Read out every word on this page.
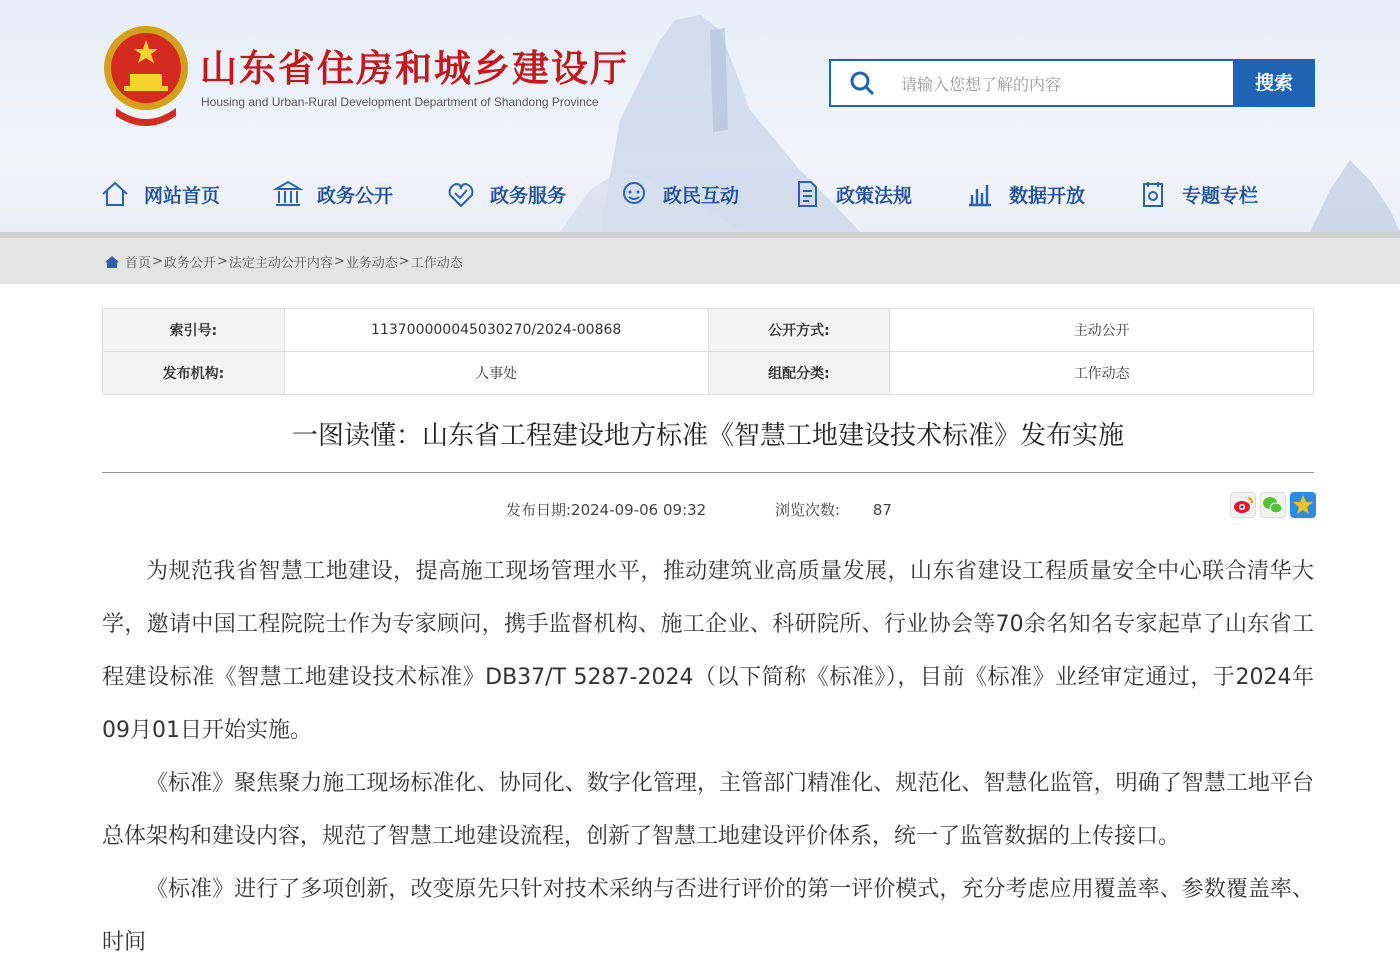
山东省住房和城乡建设厅
Housing and Urban-Rural Development Department of Shandong Province
请输入您想了解的内容
搜索
网站首页	政务公开	政务服务	政民互动	政策法规	数据开放	专题专栏
首页 > 政务公开 > 法定主动公开内容 > 业务动态 > 工作动态
索引号:	11370000004503027​0/2024-00868	公开方式:	主动公开
发布机构:	人事处	组配分类:	工作动态
一图读懂：山东省工程建设地方标准《智慧工地建设技术标准》发布实施
发布日期:2024-09-06 09:32	浏览次数: 87

为规范我省智慧工地建设，提高施工现场管理水平，推动建筑业高质量发展，山东省建设工程质量安全中心联合清华大学，邀请中国工程院院士作为专家顾问，携手监督机构、施工企业、科研院所、行业协会等70余名知名专家起草了山东省工程建设标准《智慧工地建设技术标准》DB37/T 5287-2024（以下简称《标准》），目前《标准》业经审定通过，于2024年09月01日开始实施。

《标准》聚焦聚力施工现场标准化、协同化、数字化管理，主管部门精准化、规范化、智慧化监管，明确了智慧工地平台总体架构和建设内容，规范了智慧工地建设流程，创新了智慧工地建设评价体系，统一了监管数据的上传接口。

《标准》进行了多项创新，改变原先只针对技术采纳与否进行评价的第一评价模式，充分考虑应用覆盖率、参数覆盖率、时间
